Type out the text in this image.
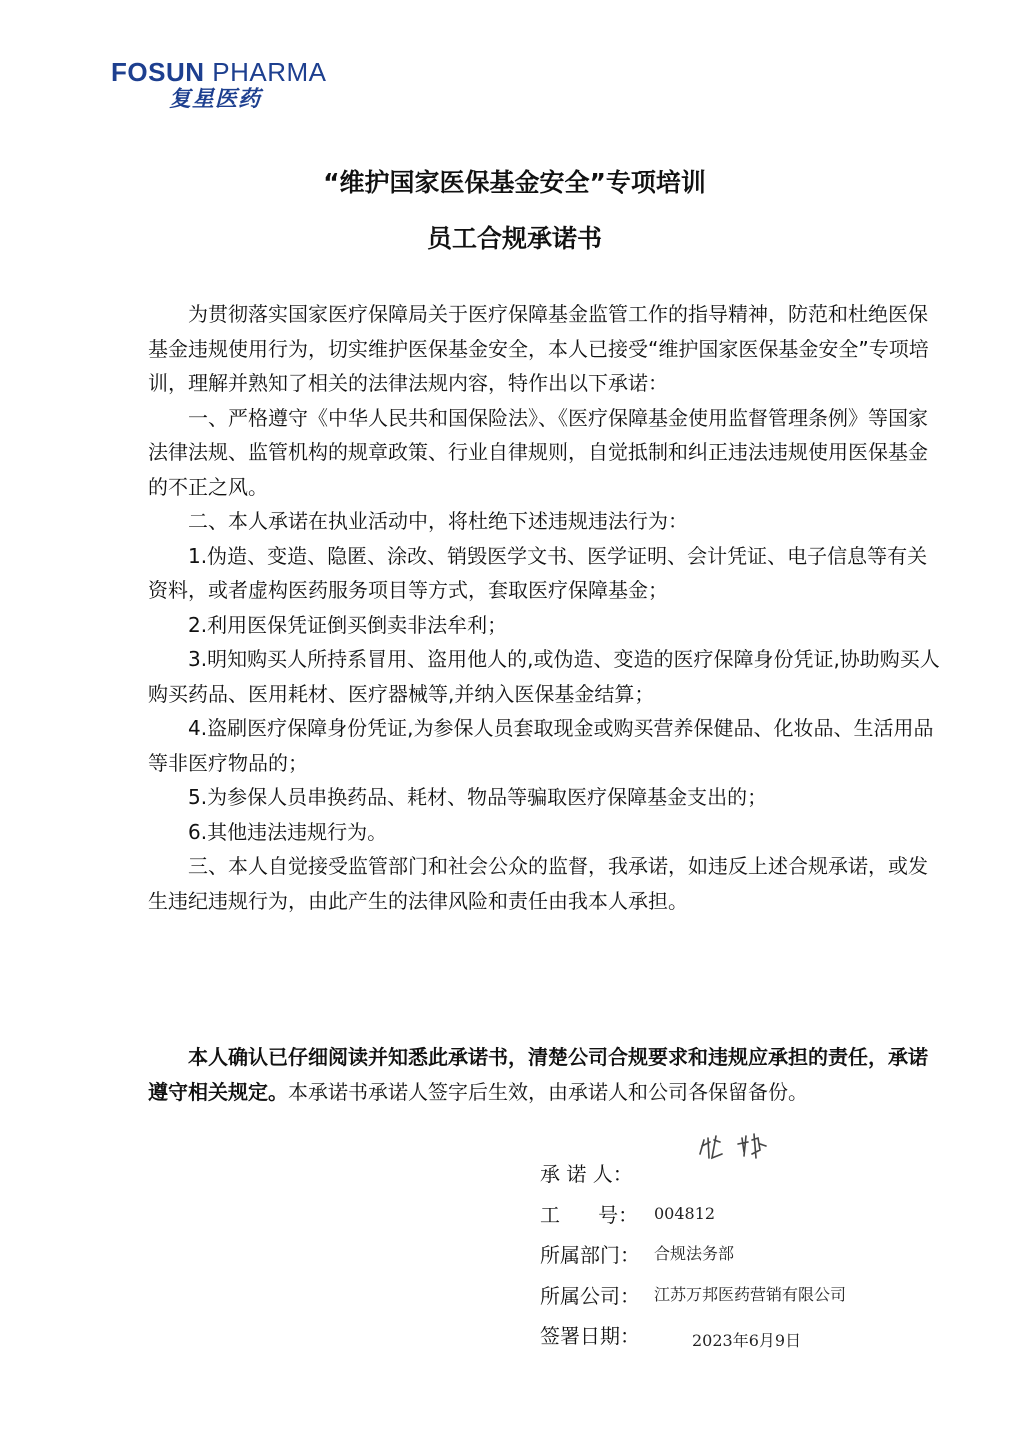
FOSUN PHARMA
复星医药
“维护国家医保基金安全”专项培训
员工合规承诺书

为贯彻落实国家医疗保障局关于医疗保障基金监管工作的指导精神，防范和杜绝医保基金违规使用行为，切实维护医保基金安全，本人已接受“维护国家医保基金安全”专项培训，理解并熟知了相关的法律法规内容，特作出以下承诺：

一、严格遵守《中华人民共和国保险法》、《医疗保障基金使用监督管理条例》等国家法律法规、监管机构的规章政策、行业自律规则，自觉抵制和纠正违法违规使用医保基金的不正之风。

二、本人承诺在执业活动中，将杜绝下述违规违法行为：

1.伪造、变造、隐匿、涂改、销毁医学文书、医学证明、会计凭证、电子信息等有关资料，或者虚构医药服务项目等方式，套取医疗保障基金；

2.利用医保凭证倒买倒卖非法牟利；

3.明知购买人所持系冒用、盗用他人的,或伪造、变造的医疗保障身份凭证,协助购买人购买药品、医用耗材、医疗器械等,并纳入医保基金结算；

4.盗刷医疗保障身份凭证,为参保人员套取现金或购买营养保健品、化妆品、生活用品等非医疗物品的；

5.为参保人员串换药品、耗材、物品等骗取医疗保障基金支出的；

6.其他违法违规行为。

三、本人自觉接受监管部门和社会公众的监督，我承诺，如违反上述合规承诺，或发生违纪违规行为，由此产生的法律风险和责任由我本人承担。

本人确认已仔细阅读并知悉此承诺书，清楚公司合规要求和违规应承担的责任，承诺遵守相关规定。本承诺书承诺人签字后生效，由承诺人和公司各保留备份。

承 诺 人：
工      号： 004812
所属部门： 合规法务部
所属公司： 江苏万邦医药营销有限公司
签署日期：	2023年6月9日
